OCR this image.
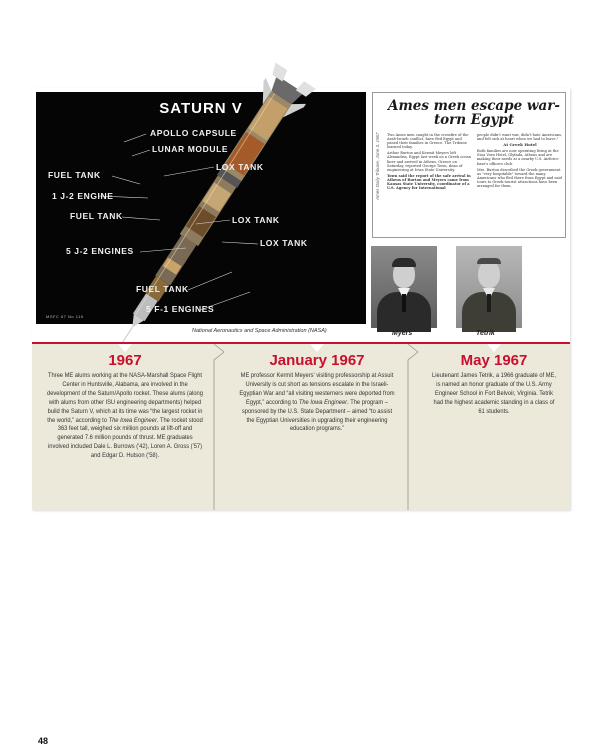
SATURN V
APOLLO CAPSULE
LUNAR MODULE
LOX TANK
FUEL TANK
1 J-2 ENGINE
FUEL TANK	LOX TANK
5 J-2 ENGINES
LOX TANK
FUEL TANK
5 F-1 ENGINES
MSFC 67 No 116
National Aeronautics and Space Administration (NASA)
Ames men escape war-torn Egypt
Ames Daily Tribune, June 3, 1967	Two Ames men caught in the crossfire of the Arab-Israeli conflict, have fled Egypt and joined their families in Greece, The Tribune learned today.

Arthur Burton and Kermit Meyers left Alexandria, Egypt last week on a Greek ocean liner and arrived in Athens, Greece on Saturday, reported George Town, dean of engineering at Iowa State University.

Town said the report of the safe arrival in Athens of Burton and Meyers came from Kansas State University, coordinator of a U.S. Agency for International

people didn't want war, didn't hate Americans, and felt sick at heart when we had to leave."

At Greek Hotel

Both families are now operating living at the Stoa Vorn Hotel, Glyfada, Athens and are making their needs at a nearby U.S. Airforce base's officers club.

Mrs. Burton described the Greek government as "very hospitable" toward the many Americans who fled there from Egypt and said tours to Greek tourist attractions have been arranged for them.

Myers	Tetrik
1967
Three ME alums working at the NASA-Marshall Space Flight Center in Huntsville, Alabama, are involved in the development of the Saturn/Apollo rocket. These alums (along with alums from other ISU engineering departments) helped build the Saturn V, which at its time was “the largest rocket in the world,” according to The Iowa Engineer. The rocket stood 363 feet tall, weighed six million pounds at lift-off and generated 7.6 million pounds of thrust. ME graduates involved included Dale L. Burrows ('42), Loren A. Gross ('57) and Edgar D. Hutson ('58).
January 1967
ME professor Kermit Meyers' visiting professorship at Assuit University is cut short as tensions escalate in the Israeli-Egyptian War and “all visiting westerners were deported from Egypt,” according to The Iowa Engineer. The program – sponsored by the U.S. State Department – aimed “to assist the Egyptian Universities in upgrading their engineering education programs.”
May 1967
Lieutenant James Tetrik, a 1966 graduate of ME, is named an honor graduate of the U.S. Army Engineer School in Fort Belvoir, Virginia. Tetrik had the highest academic standing in a class of 61 students.
48
